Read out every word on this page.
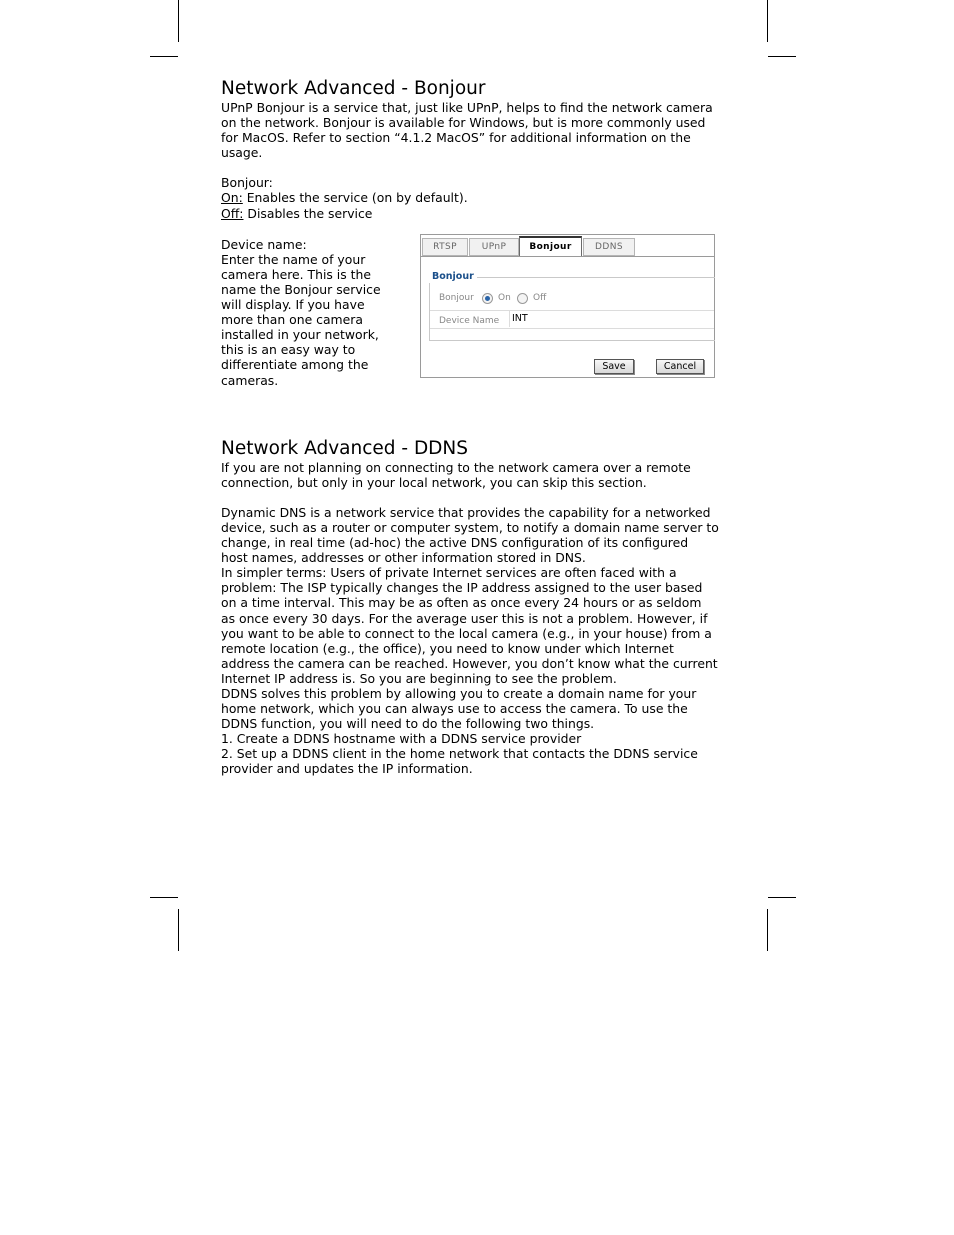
Network Advanced - Bonjour

UPnP Bonjour is a service that, just like UPnP, helps to find the network camera

on the network. Bonjour is available for Windows, but is more commonly used

for MacOS. Refer to section “4.1.2 MacOS” for additional information on the

usage.

Bonjour:

On: Enables the service (on by default).

Off: Disables the service

Device name:

Enter the name of your

camera here. This is the

name the Bonjour service

will display. If you have

more than one camera

installed in your network,

this is an easy way to

differentiate among the

cameras.

RTSP	UPnP	Bonjour	DDNS
Bonjour
Bonjour	On Off
Device Name
INT
Save	Cancel
Network Advanced - DDNS

If you are not planning on connecting to the network camera over a remote

connection, but only in your local network, you can skip this section.

Dynamic DNS is a network service that provides the capability for a networked

device, such as a router or computer system, to notify a domain name server to

change, in real time (ad-hoc) the active DNS configuration of its configured

host names, addresses or other information stored in DNS.

In simpler terms: Users of private Internet services are often faced with a

problem: The ISP typically changes the IP address assigned to the user based

on a time interval. This may be as often as once every 24 hours or as seldom

as once every 30 days. For the average user this is not a problem. However, if

you want to be able to connect to the local camera (e.g., in your house) from a

remote location (e.g., the office), you need to know under which Internet

address the camera can be reached. However, you don’t know what the current

Internet IP address is. So you are beginning to see the problem.

DDNS solves this problem by allowing you to create a domain name for your

home network, which you can always use to access the camera. To use the

DDNS function, you will need to do the following two things.

1. Create a DDNS hostname with a DDNS service provider

2. Set up a DDNS client in the home network that contacts the DDNS service

provider and updates the IP information.
